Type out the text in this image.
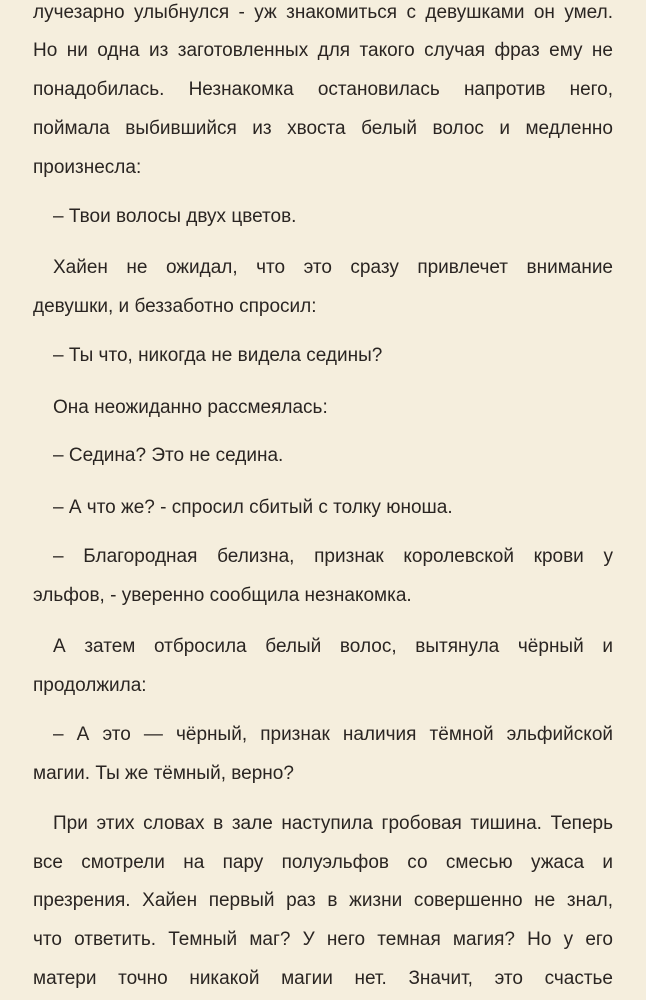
лучезарно улыбнулся - уж знакомиться с девушками он умел.
Но ни одна из заготовленных для такого случая фраз ему не
понадобилась. Незнакомка остановилась напротив него,
поймала выбившийся из хвоста белый волос и медленно
произнесла:
– Твои волосы двух цветов.
Хайен не ожидал, что это сразу привлечет внимание
девушки, и беззаботно спросил:
– Ты что, никогда не видела седины?
Она неожиданно рассмеялась:
– Седина? Это не седина.
– А что же? - спросил сбитый с толку юноша.
– Благородная белизна, признак королевской крови у
эльфов, - уверенно сообщила незнакомка.
А затем отбросила белый волос, вытянула чёрный и
продолжила:
– А это — чёрный, признак наличия тёмной эльфийской
магии. Ты же тёмный, верно?
При этих словах в зале наступила гробовая тишина. Теперь
все смотрели на пару полуэльфов со смесью ужаса и
презрения. Хайен первый раз в жизни совершенно не знал,
что ответить. Темный маг? У него темная магия? Но у его
матери точно никакой магии нет. Значит, это счастье
